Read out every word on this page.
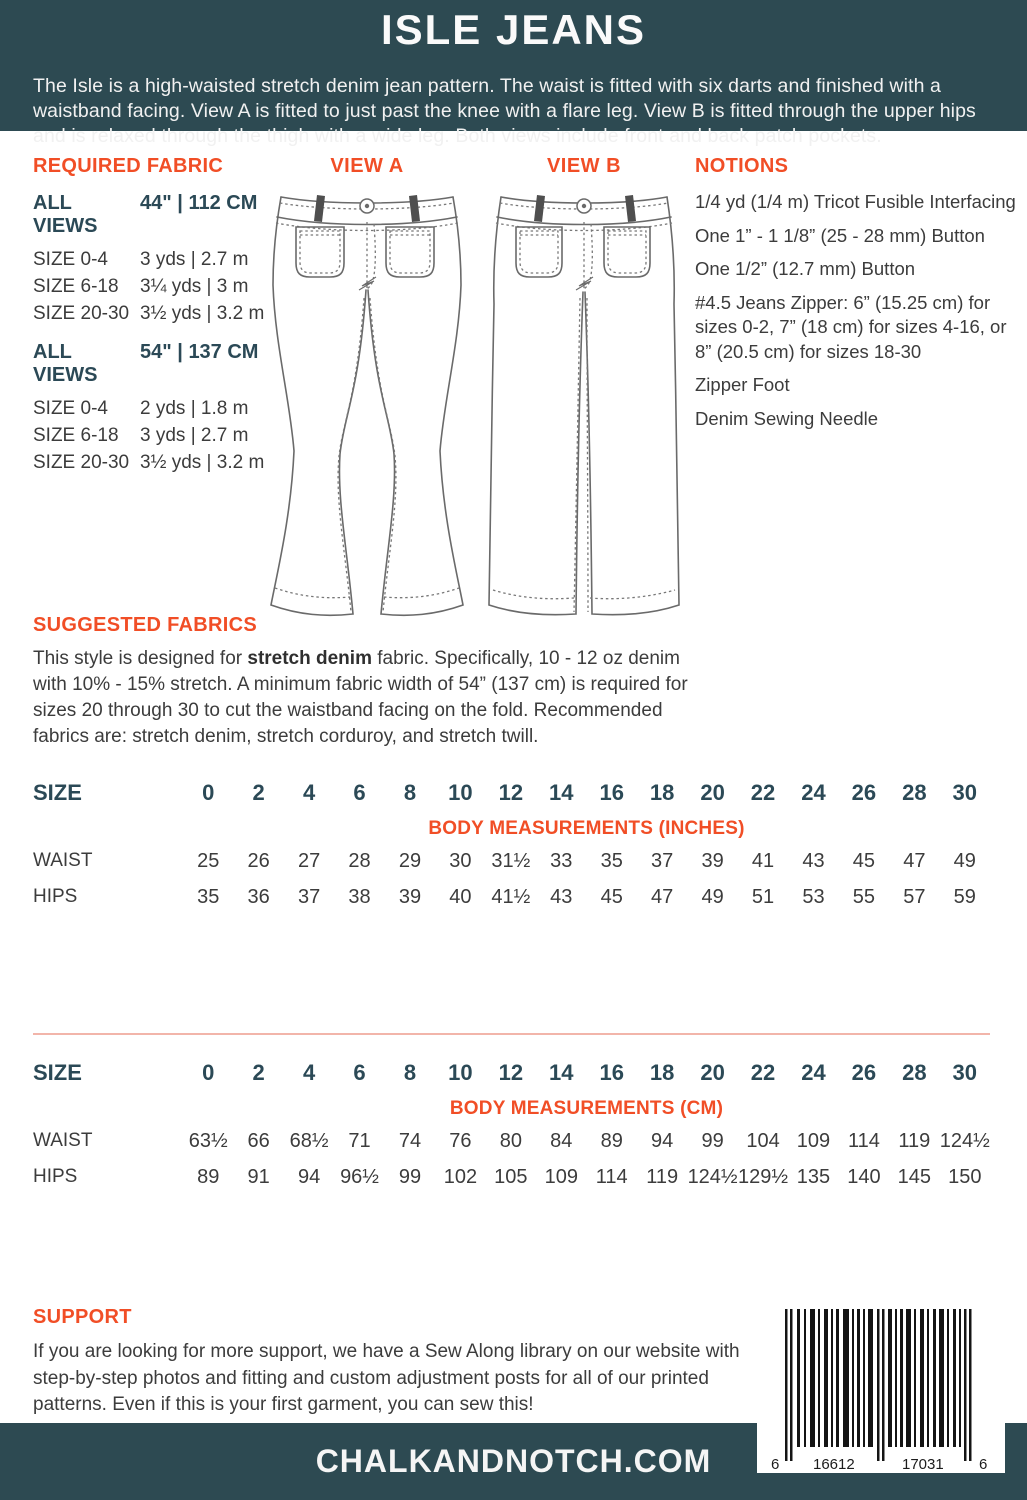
ISLE JEANS

The Isle is a high-waisted stretch denim jean pattern. The waist is fitted with six darts and finished with a waistband facing. View A is fitted to just past the knee with a flare leg. View B is fitted through the upper hips and is relaxed through the thigh with a wide leg. Both views include front and back patch pockets.

REQUIRED FABRIC
ALL VIEWS
44" | 112 CM
SIZE 0-4	3 yds | 2.7 m
SIZE 6-18	3¼ yds | 3 m
SIZE 20-30 3½ yds | 3.2 m
ALL VIEWS
54" | 137 CM
SIZE 0-4	2 yds | 1.8 m
SIZE 6-18	3 yds | 2.7 m
SIZE 20-30 3½ yds | 3.2 m
VIEW A	VIEW B	NOTIONS

1/4 yd (1/4 m) Tricot Fusible Interfacing

One 1” - 1 1/8” (25 - 28 mm) Button

One 1/2” (12.7 mm) Button

#4.5 Jeans Zipper: 6” (15.25 cm) for sizes 0-2, 7” (18 cm) for sizes 4-16, or 8” (20.5 cm) for sizes 18-30

Zipper Foot

Denim Sewing Needle

SUGGESTED FABRICS

This style is designed for stretch denim fabric. Specifically, 10 - 12 oz denim with 10% - 15% stretch. A minimum fabric width of 54” (137 cm) is required for sizes 20 through 30 to cut the waistband facing on the fold. Recommended fabrics are: stretch denim, stretch corduroy, and stretch twill.

SIZE	0	2	4	6	8	10	12	14	16	18	20	22	24	26	28	30
BODY MEASUREMENTS (INCHES)
WAIST	25	26	27	28	29	30 31½ 33	35	37	39	41	43	45	47	49
HIPS	35	36	37	38	39	40 41½ 43	45	47	49	51	53	55	57	59
SIZE	0	2	4	6	8	10	12	14	16	18	20	22	24	26	28	30
BODY MEASUREMENTS (CM)
WAIST	63½ 66 68½ 71	74	76	80	84	89	94	99	104 109 114 119 124½
HIPS	89	91	94 96½ 99	102 105 109 114 119 124½ 129½ 135 140 145 150
SUPPORT

If you are looking for more support, we have a Sew Along library on our website with step-by-step photos and fitting and custom adjustment posts for all of our printed patterns. Even if this is your first garment, you can sew this!

CHALKANDNOTCH.COM	6 16612	17031 6
